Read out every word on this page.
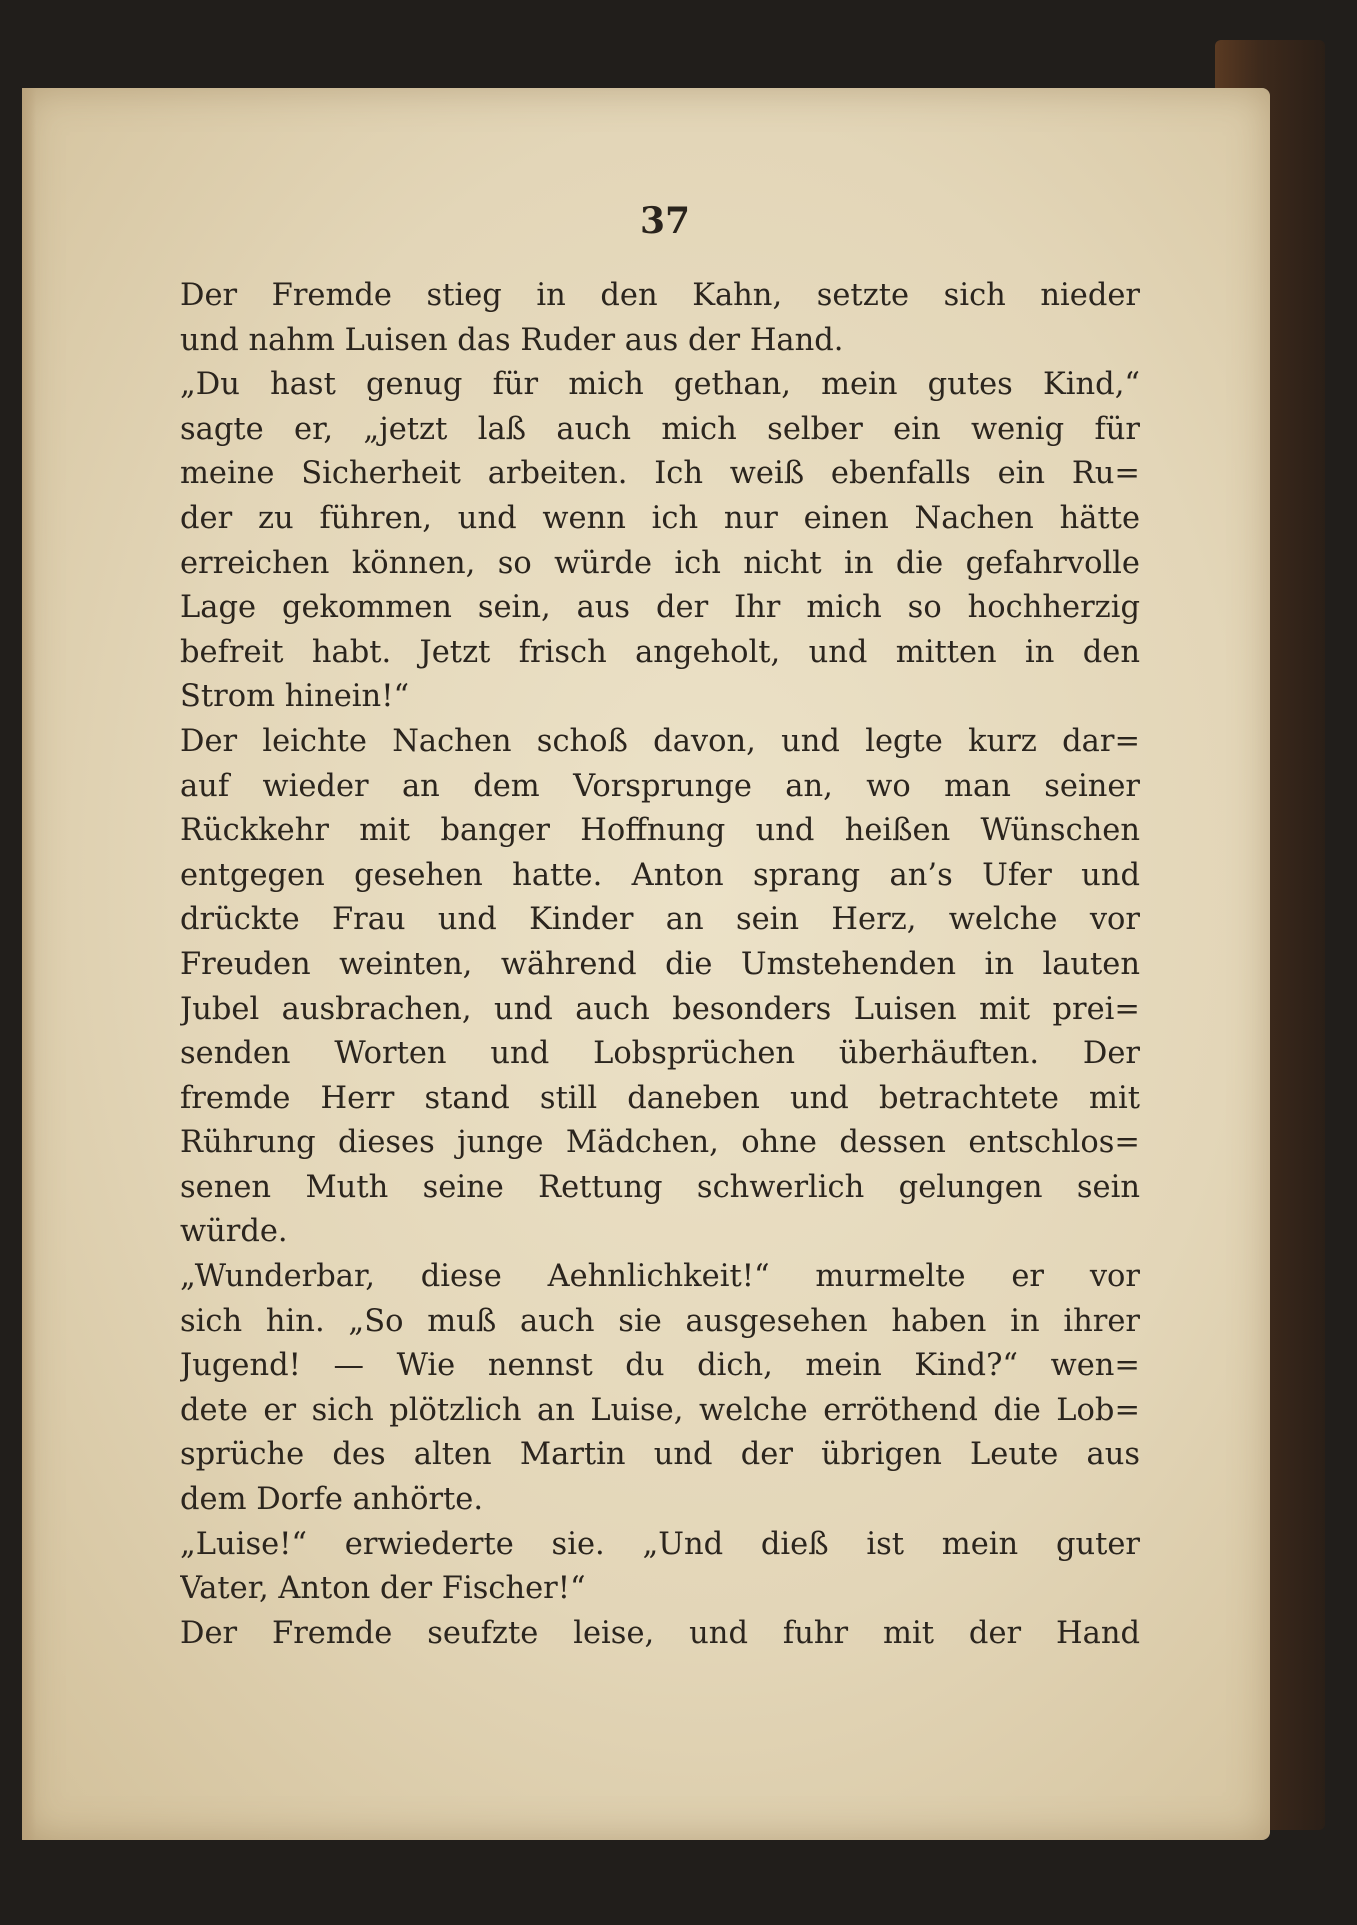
37
Der Fremde stieg in den Kahn, setzte sich nieder
und nahm Luisen das Ruder aus der Hand.
„Du hast genug für mich gethan, mein gutes Kind,“
sagte er, „jetzt laß auch mich selber ein wenig für
meine Sicherheit arbeiten. Ich weiß ebenfalls ein Ru=
der zu führen, und wenn ich nur einen Nachen hätte
erreichen können, so würde ich nicht in die gefahrvolle
Lage gekommen sein, aus der Ihr mich so hochherzig
befreit habt. Jetzt frisch angeholt, und mitten in den
Strom hinein!“
Der leichte Nachen schoß davon, und legte kurz dar=
auf wieder an dem Vorsprunge an, wo man seiner
Rückkehr mit banger Hoffnung und heißen Wünschen
entgegen gesehen hatte. Anton sprang an’s Ufer und
drückte Frau und Kinder an sein Herz, welche vor
Freuden weinten, während die Umstehenden in lauten
Jubel ausbrachen, und auch besonders Luisen mit prei=
senden Worten und Lobsprüchen überhäuften. Der
fremde Herr stand still daneben und betrachtete mit
Rührung dieses junge Mädchen, ohne dessen entschlos=
senen Muth seine Rettung schwerlich gelungen sein
würde.
„Wunderbar, diese Aehnlichkeit!“ murmelte er vor
sich hin. „So muß auch sie ausgesehen haben in ihrer
Jugend! — Wie nennst du dich, mein Kind?“ wen=
dete er sich plötzlich an Luise, welche erröthend die Lob=
sprüche des alten Martin und der übrigen Leute aus
dem Dorfe anhörte.
„Luise!“ erwiederte sie. „Und dieß ist mein guter
Vater, Anton der Fischer!“
Der Fremde seufzte leise, und fuhr mit der Hand
